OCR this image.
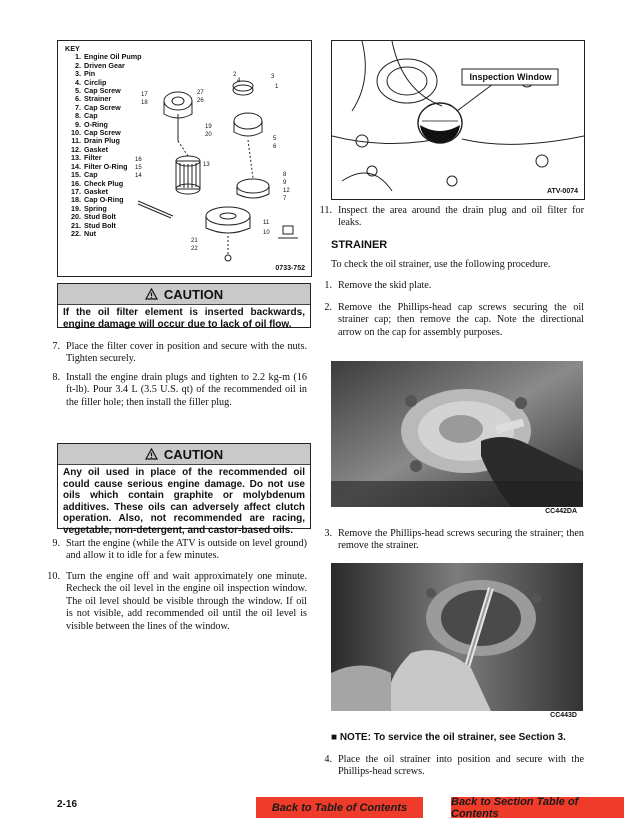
KEY
1. Engine Oil Pump
2. Driven Gear
3. Pin
4. Circlip
5. Cap Screw
6. Strainer
7. Cap Screw
8. Cap
9. O-Ring
10. Cap Screw
11. Drain Plug
12. Gasket
13. Filter
14. Filter O-Ring
15. Cap
16. Check Plug
17. Gasket
18. Cap O-Ring
19. Spring
20. Stud Bolt
21. Stud Bolt
22. Nut
17
18
27
26
19
20
2
4
3
1
5
6
16
15
14
13
8
9
12
7
11
10
21
22
0733-752
CAUTION
If the oil filter element is inserted backwards, engine damage will occur due to lack of oil flow.
7. Place the filter cover in position and secure with the nuts. Tighten securely.
8. Install the engine drain plugs and tighten to 2.2 kg-m (16 ft-lb). Pour 3.4 L (3.5 U.S. qt) of the recommended oil in the filler hole; then install the filler plug.
CAUTION
Any oil used in place of the recommended oil could cause serious engine damage. Do not use oils which contain graphite or molybdenum additives. These oils can adversely affect clutch operation. Also, not recommended are racing, vegetable, non-detergent, and castor-based oils.
9. Start the engine (while the ATV is outside on level ground) and allow it to idle for a few minutes.
10. Turn the engine off and wait approximately one minute. Recheck the oil level in the engine oil inspection window. The oil level should be visible through the window. If oil is not visible, add recommended oil until the oil level is visible between the lines of the window.
Inspection Window
ATV-0074
11. Inspect the area around the drain plug and oil filter for leaks.
STRAINER
To check the oil strainer, use the following procedure.
1. Remove the skid plate.
2. Remove the Phillips-head cap screws securing the oil strainer cap; then remove the cap. Note the directional arrow on the cap for assembly purposes.
CC442DA
3. Remove the Phillips-head screws securing the strainer; then remove the strainer.
CC443D
■ NOTE: To service the oil strainer, see Section 3.
4. Place the oil strainer into position and secure with the Phillips-head screws.
2-16	Back to Table of Contents	Back to Section Table of Contents
